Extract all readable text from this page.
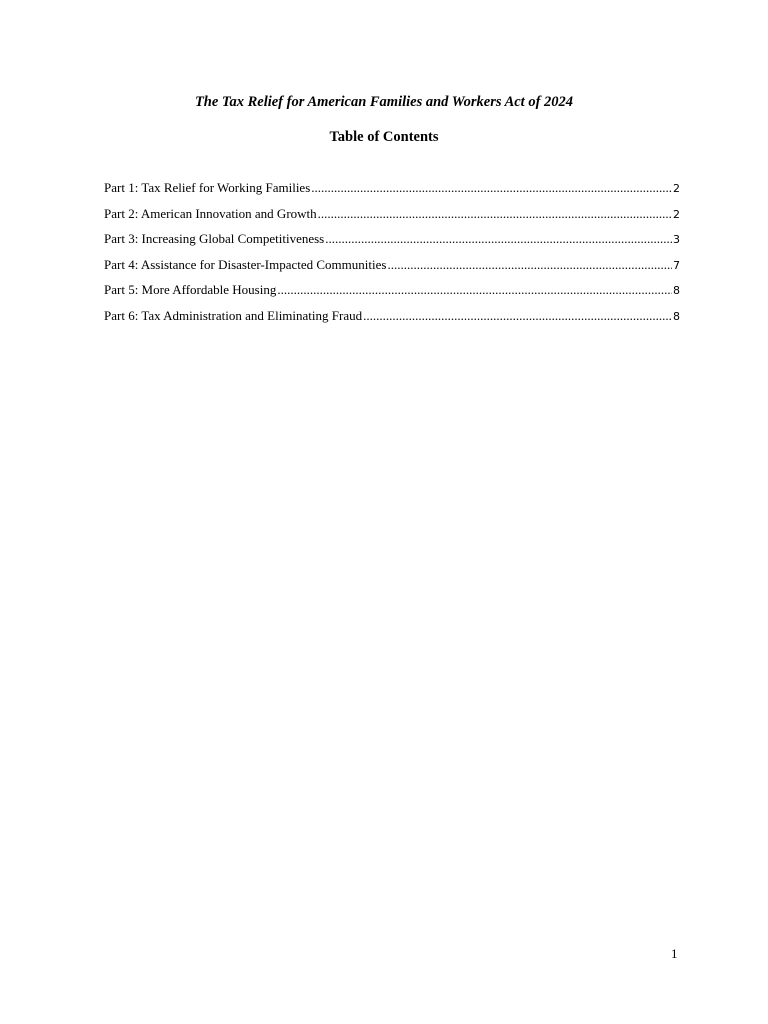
The Tax Relief for American Families and Workers Act of 2024
Table of Contents
Part 1: Tax Relief for Working Families .....	2
Part 2: American Innovation and Growth .....	2
Part 3: Increasing Global Competitiveness .....	3
Part 4: Assistance for Disaster-Impacted Communities .....	7
Part 5: More Affordable Housing .....	8
Part 6: Tax Administration and Eliminating Fraud .....	8
1
